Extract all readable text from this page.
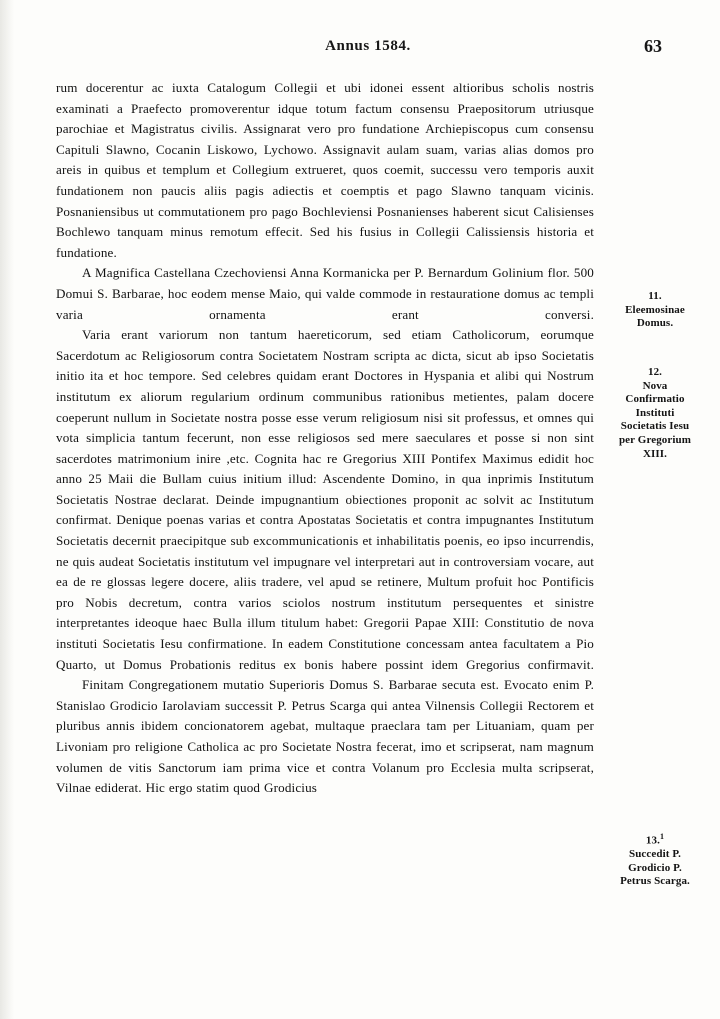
Annus 1584.	63

rum docerentur ac iuxta Catalogum Collegii et ubi idonei essent altioribus scholis nostris examinati a Praefecto promoverentur idque totum factum consensu Praepositorum utriusque parochiae et Magistratus civilis. Assignarat vero pro fundatione Archiepiscopus cum consensu Capituli Slawno, Cocanin Liskowo, Lychowo. Assignavit aulam suam, varias alias domos pro areis in quibus et templum et Collegium extrueret, quos coemit, successu vero temporis auxit fundationem non paucis aliis pagis adiectis et coemptis et pago Slawno tanquam vicinis. Posnaniensibus ut commutationem pro pago Bochleviensi Posnanienses haberent sicut Calisienses Bochlewo tanquam minus remotum effecit. Sed his fusius in Collegii Calissiensis historia et fundatione.

A Magnifica Castellana Czechoviensi Anna Kormanicka per P. Bernardum Golinium flor. 500 Domui S. Barbarae, hoc eodem mense Maio, qui valde commode in restauratione domus ac templi varia ornamenta erant conversi.

Varia erant variorum non tantum haereticorum, sed etiam Catholicorum, eorumque Sacerdotum ac Religiosorum contra Societatem Nostram scripta ac dicta, sicut ab ipso Societatis initio ita et hoc tempore. Sed celebres quidam erant Doctores in Hyspania et alibi qui Nostrum institutum ex aliorum regularium ordinum communibus rationibus metientes, palam docere coeperunt nullum in Societate nostra posse esse verum religiosum nisi sit professus, et omnes qui vota simplicia tantum fecerunt, non esse religiosos sed mere saeculares et posse si non sint sacerdotes matrimonium inire ,etc. Cognita hac re Gregorius XIII Pontifex Maximus edidit hoc anno 25 Maii die Bullam cuius initium illud: Ascendente Domino, in qua inprimis Institutum Societatis Nostrae declarat. Deinde impugnantium obiectiones proponit ac solvit ac Institutum confirmat. Denique poenas varias et contra Apostatas Societatis et contra impugnantes Institutum Societatis decernit praecipitque sub excommunicationis et inhabilitatis poenis, eo ipso incurrendis, ne quis audeat Societatis institutum vel impugnare vel interpretari aut in controversiam vocare, aut ea de re glossas legere docere, aliis tradere, vel apud se retinere, Multum profuit hoc Pontificis pro Nobis decretum, contra varios sciolos nostrum institutum persequentes et sinistre interpretantes ideoque haec Bulla illum titulum habet: Gregorii Papae XIII: Constitutio de nova instituti Societatis Iesu confirmatione. In eadem Constitutione concessam antea facultatem a Pio Quarto, ut Domus Probationis reditus ex bonis habere possint idem Gregorius confirmavit.

Finitam Congregationem mutatio Superioris Domus S. Barbarae secuta est. Evocato enim P. Stanislao Grodicio Iarolaviam successit P. Petrus Scarga qui antea Vilnensis Collegii Rectorem et pluribus annis ibidem concionatorem agebat, multaque praeclara tam per Lituaniam, quam per Livoniam pro religione Catholica ac pro Societate Nostra fecerat, imo et scripserat, nam magnum volumen de vitis Sanctorum iam prima vice et contra Volanum pro Ecclesia multa scripserat, Vilnae ediderat. Hic ergo statim quod Grodicius

11.
Eleemosinae Domus.
12.
Nova Confirmatio Instituti Societatis Iesu per Gregorium XIII.
13.$^1$
Succedit P. Grodicio P. Petrus Scarga.
